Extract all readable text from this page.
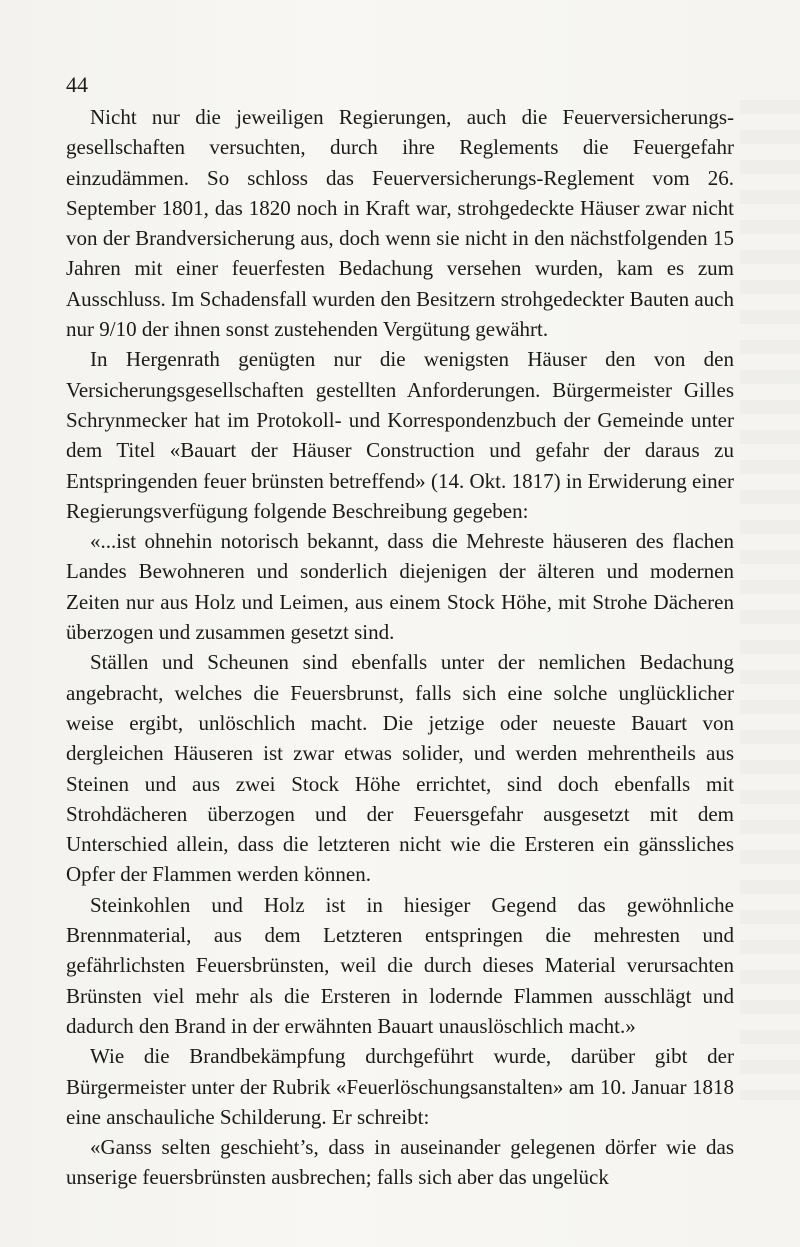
44

Nicht nur die jeweiligen Regierungen, auch die Feuerversicherungs-gesellschaften versuchten, durch ihre Reglements die Feuergefahr einzudämmen. So schloss das Feuerversicherungs-Reglement vom 26. September 1801, das 1820 noch in Kraft war, strohgedeckte Häuser zwar nicht von der Brandversicherung aus, doch wenn sie nicht in den nächstfolgenden 15 Jahren mit einer feuerfesten Bedachung versehen wurden, kam es zum Ausschluss. Im Schadensfall wurden den Besitzern strohgedeckter Bauten auch nur 9/10 der ihnen sonst zustehenden Vergütung gewährt.

In Hergenrath genügten nur die wenigsten Häuser den von den Versicherungsgesellschaften gestellten Anforderungen. Bürgermeister Gilles Schrynmecker hat im Protokoll- und Korrespondenzbuch der Gemeinde unter dem Titel «Bauart der Häuser Construction und gefahr der daraus zu Entspringenden feuer brünsten betreffend» (14. Okt. 1817) in Erwiderung einer Regierungsverfügung folgende Beschreibung gegeben:

«...ist ohnehin notorisch bekannt, dass die Mehreste häuseren des flachen Landes Bewohneren und sonderlich diejenigen der älteren und modernen Zeiten nur aus Holz und Leimen, aus einem Stock Höhe, mit Strohe Dächeren überzogen und zusammen gesetzt sind.

Ställen und Scheunen sind ebenfalls unter der nemlichen Bedachung angebracht, welches die Feuersbrunst, falls sich eine solche unglücklicher weise ergibt, unlöschlich macht. Die jetzige oder neueste Bauart von dergleichen Häuseren ist zwar etwas solider, und werden mehrentheils aus Steinen und aus zwei Stock Höhe errichtet, sind doch ebenfalls mit Strohdächeren überzogen und der Feuersgefahr ausgesetzt mit dem Unterschied allein, dass die letzteren nicht wie die Ersteren ein gänssliches Opfer der Flammen werden können.

Steinkohlen und Holz ist in hiesiger Gegend das gewöhnliche Brennmaterial, aus dem Letzteren entspringen die mehresten und gefährlichsten Feuersbrünsten, weil die durch dieses Material verursachten Brünsten viel mehr als die Ersteren in lodernde Flammen ausschlägt und dadurch den Brand in der erwähnten Bauart unauslöschlich macht.»

Wie die Brandbekämpfung durchgeführt wurde, darüber gibt der Bürgermeister unter der Rubrik «Feuerlöschungsanstalten» am 10. Januar 1818 eine anschauliche Schilderung. Er schreibt:

«Ganss selten geschieht’s, dass in auseinander gelegenen dörfer wie das unserige feuersbrünsten ausbrechen; falls sich aber das ungelück
